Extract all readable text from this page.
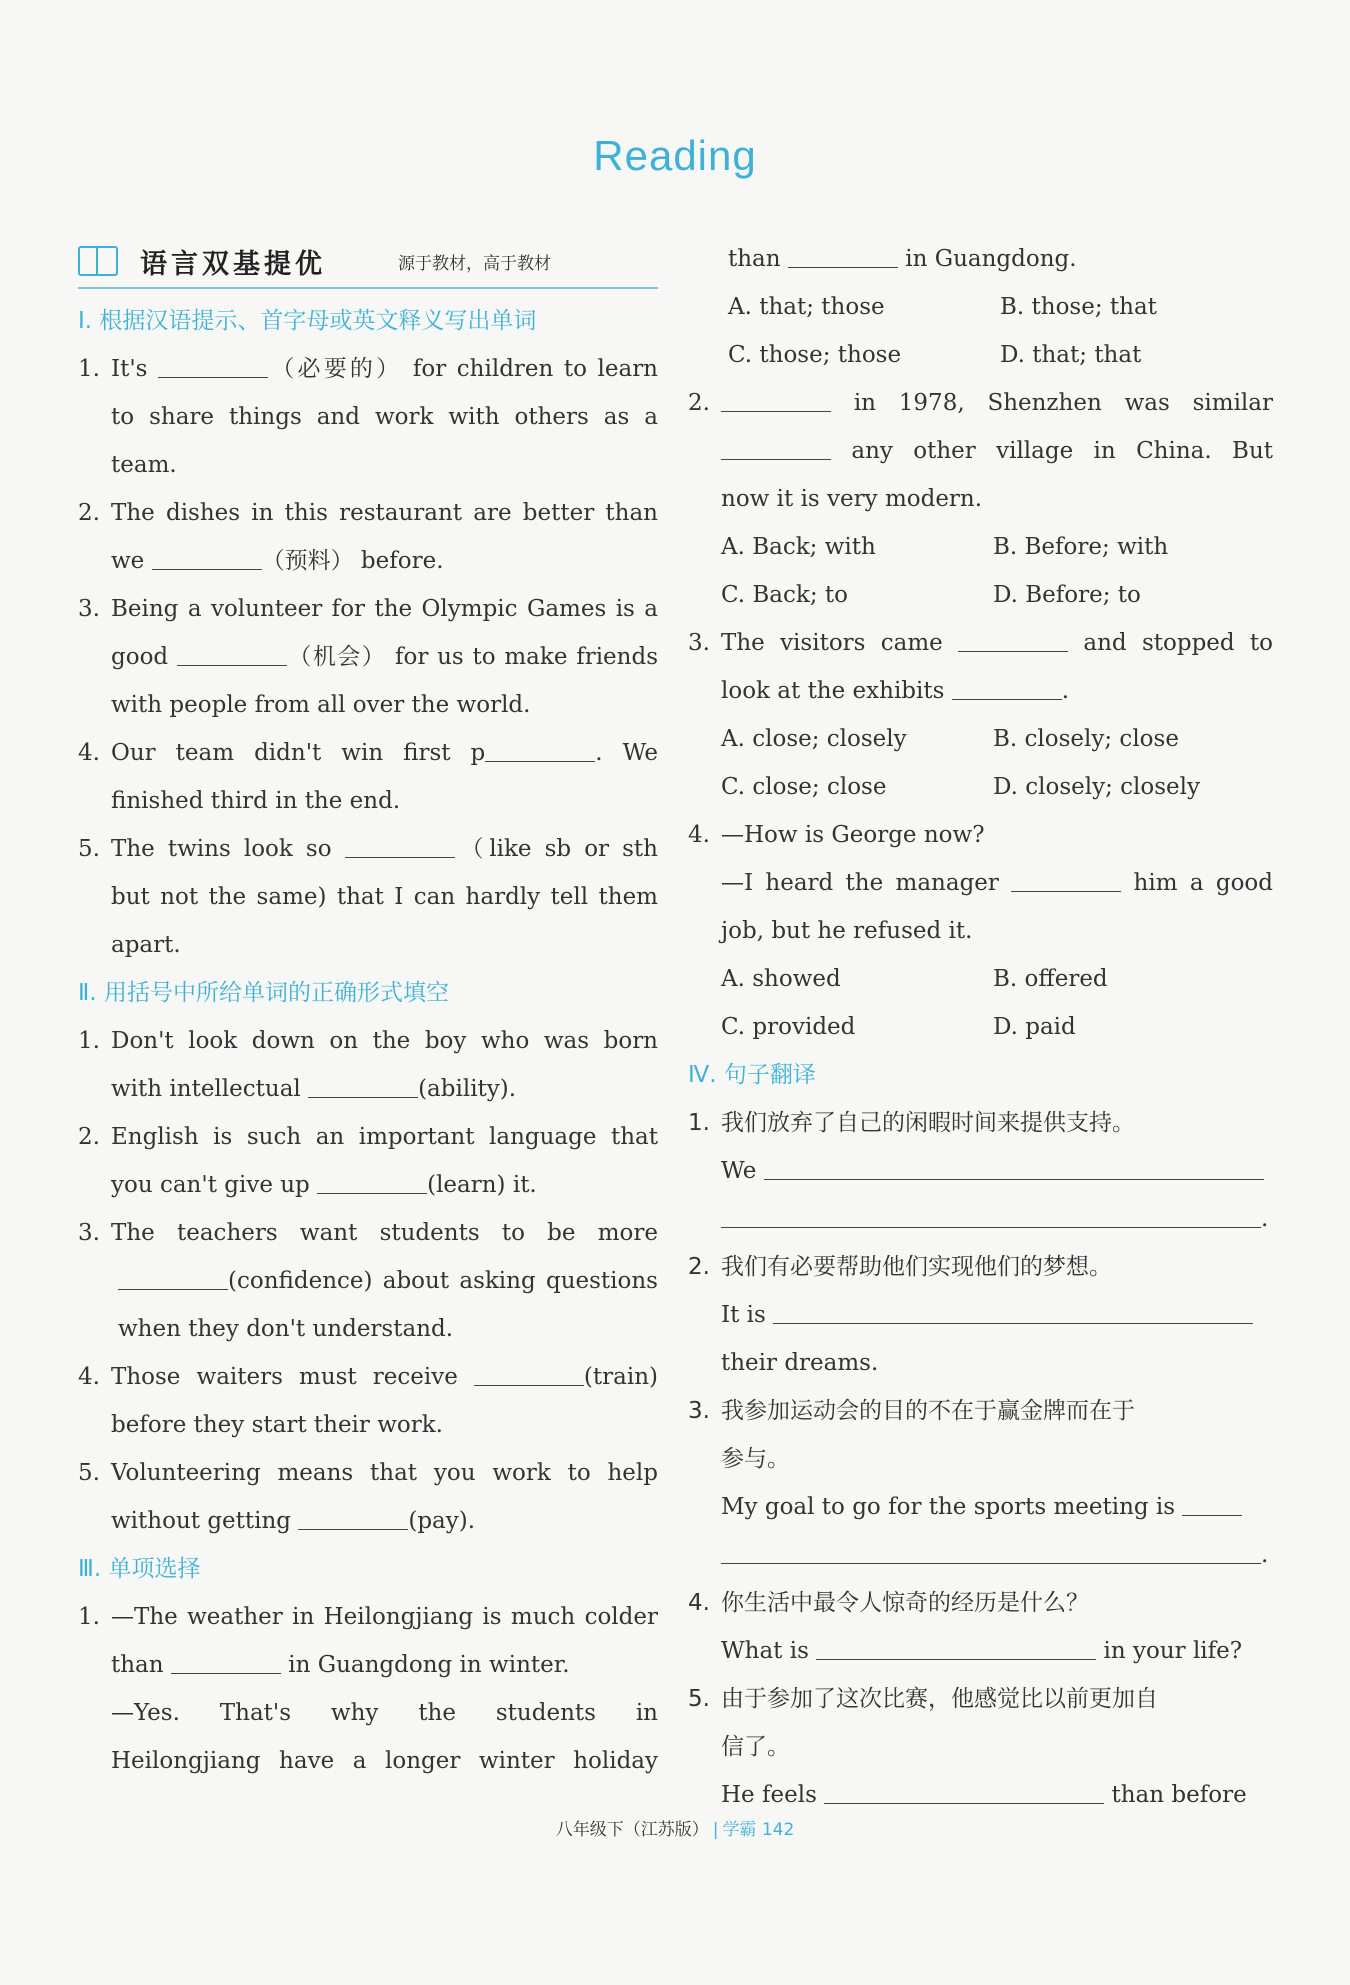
Reading
语言双基提优	源于教材，高于教材
Ⅰ. 根据汉语提示、首字母或英文释义写出单词
1. It's	（必要的） for children to learn
to share things and work with others as a
team.
2. The dishes in this restaurant are better than
we	（预料） before.
3. Being a volunteer for the Olympic Games is a
good	（机会） for us to make friends
with people from all over the world.
4. Our team didn't win first p	. We
finished third in the end.
5. The twins look so	（like sb or sth
but not the same) that I can hardly tell them
apart.
Ⅱ. 用括号中所给单词的正确形式填空
1. Don't look down on the boy who was born
with intellectual	(ability).
2. English is such an important language that
you can't give up	(learn) it.
3. The teachers want students to be more
(confidence) about asking questions
when they don't understand.
4. Those waiters must receive	(train)
before they start their work.
5. Volunteering means that you work to help
without getting	(pay).
Ⅲ. 单项选择
1. —The weather in Heilongjiang is much colder
than	in Guangdong in winter.
—Yes. That's why the students in
Heilongjiang have a longer winter holiday
than	in Guangdong.
A. that; those	B. those; that
C. those; those	D. that; that
2.	in 1978, Shenzhen was similar
any other village in China. But
now it is very modern.
A. Back; with	B. Before; with
C. Back; to	D. Before; to
3. The visitors came	and stopped to
look at the exhibits	.
A. close; closely	B. closely; close
C. close; close	D. closely; closely
4. —How is George now?
—I heard the manager	him a good
job, but he refused it.
A. showed	B. offered
C. provided	D. paid
Ⅳ. 句子翻译
1. 我们放弃了自己的闲暇时间来提供支持。
We
.
2. 我们有必要帮助他们实现他们的梦想。
It is
their dreams.
3. 我参加运动会的目的不在于赢金牌而在于
参与。
My goal to go for the sports meeting is
.
4. 你生活中最令人惊奇的经历是什么？
What is	in your life?
5. 由于参加了这次比赛，他感觉比以前更加自
信了。
He feels	than before
八年级下（江苏版） | 学霸 142
